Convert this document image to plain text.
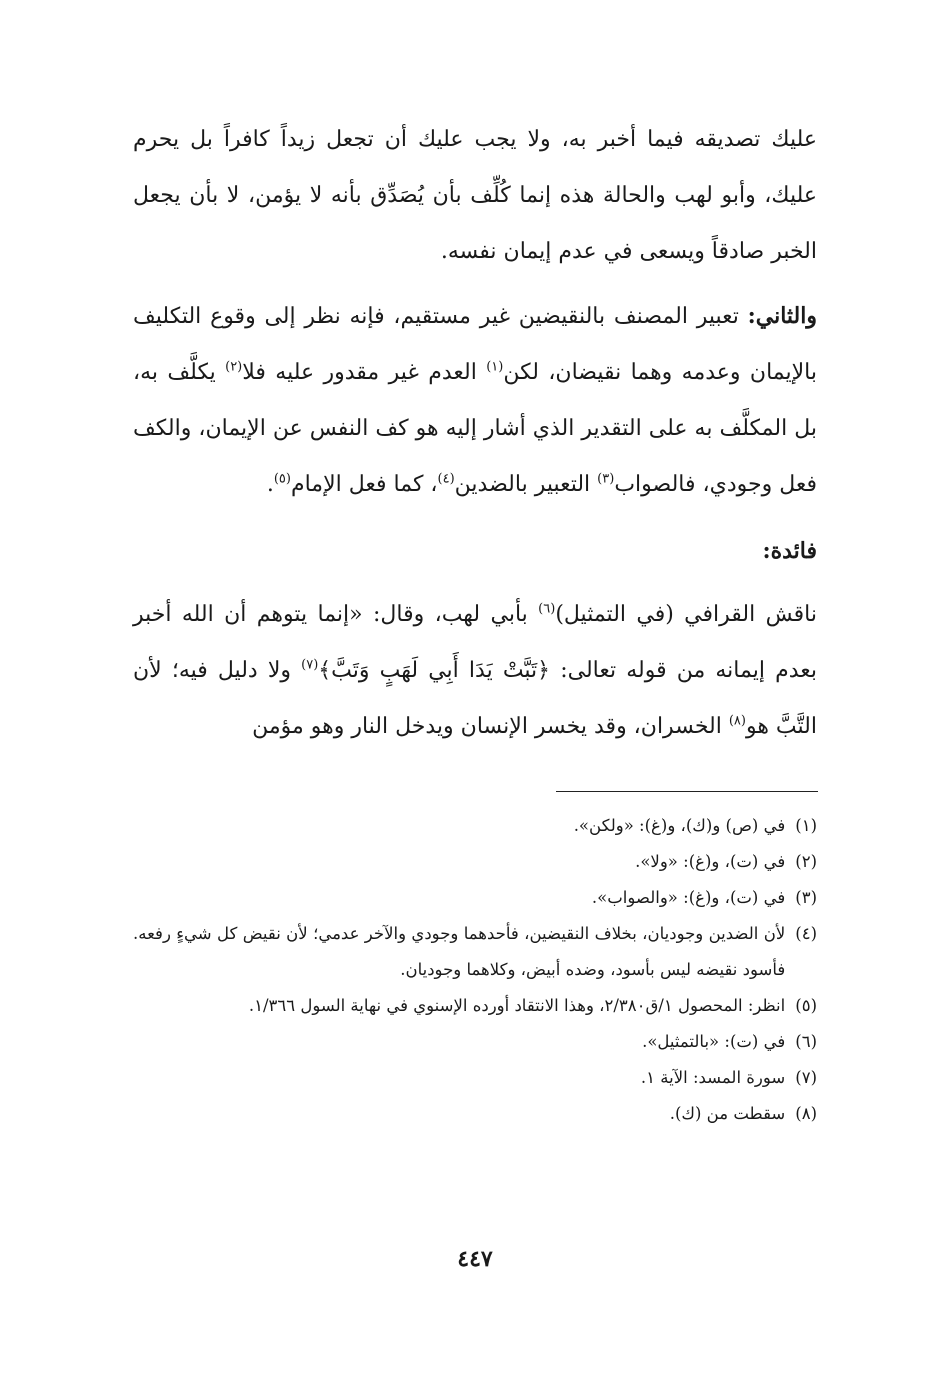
عليك تصديقه فيما أخبر به، ولا يجب عليك أن تجعل زيداً كافراً بل يحرم عليك، وأبو لهب والحالة هذه إنما كُلِّف بأن يُصَدِّق بأنه لا يؤمن، لا بأن يجعل الخبر صادقاً ويسعى في عدم إيمان نفسه.

والثاني: تعبير المصنف بالنقيضين غير مستقيم، فإنه نظر إلى وقوع التكليف بالإيمان وعدمه وهما نقيضان، لكن$^{(١)}$ العدم غير مقدور عليه فلا$^{(٢)}$ يكلَّف به، بل المكلَّف به على التقدير الذي أشار إليه هو كف النفس عن الإيمان، والكف فعل وجودي، فالصواب$^{(٣)}$ التعبير بالضدين$^{(٤)}$، كما فعل الإمام$^{(٥)}$.

فائدة:

ناقش القرافي (في التمثيل)$^{(٦)}$ بأبي لهب، وقال: «إنما يتوهم أن الله أخبر بعدم إيمانه من قوله تعالى: ﴿تَبَّتْ يَدَا أَبِي لَهَبٍ وَتَبَّ﴾$^{(٧)}$ ولا دليل فيه؛ لأن التَّبَّ هو$^{(٨)}$ الخسران، وقد يخسر الإنسان ويدخل النار وهو مؤمن

(١)
في (ص) و(ك)، و(غ): «ولكن».
(٢)
في (ت)، و(غ): «ولا».
(٣)
في (ت)، و(غ): «والصواب».
(٤)
لأن الضدين وجوديان، بخلاف النقيضين، فأحدهما وجودي والآخر عدمي؛ لأن نقيض كل شيءٍ رفعه. فأسود نقيضه ليس بأسود، وضده أبيض، وكلاهما وجوديان.
(٥)
انظر: المحصول ١/ق٢/٣٨٠، وهذا الانتقاد أورده الإسنوي في نهاية السول ١/٣٦٦.
(٦)
في (ت): «بالتمثيل».
(٧)
سورة المسد: الآية ١.
(٨)
سقطت من (ك).
٤٤٧
